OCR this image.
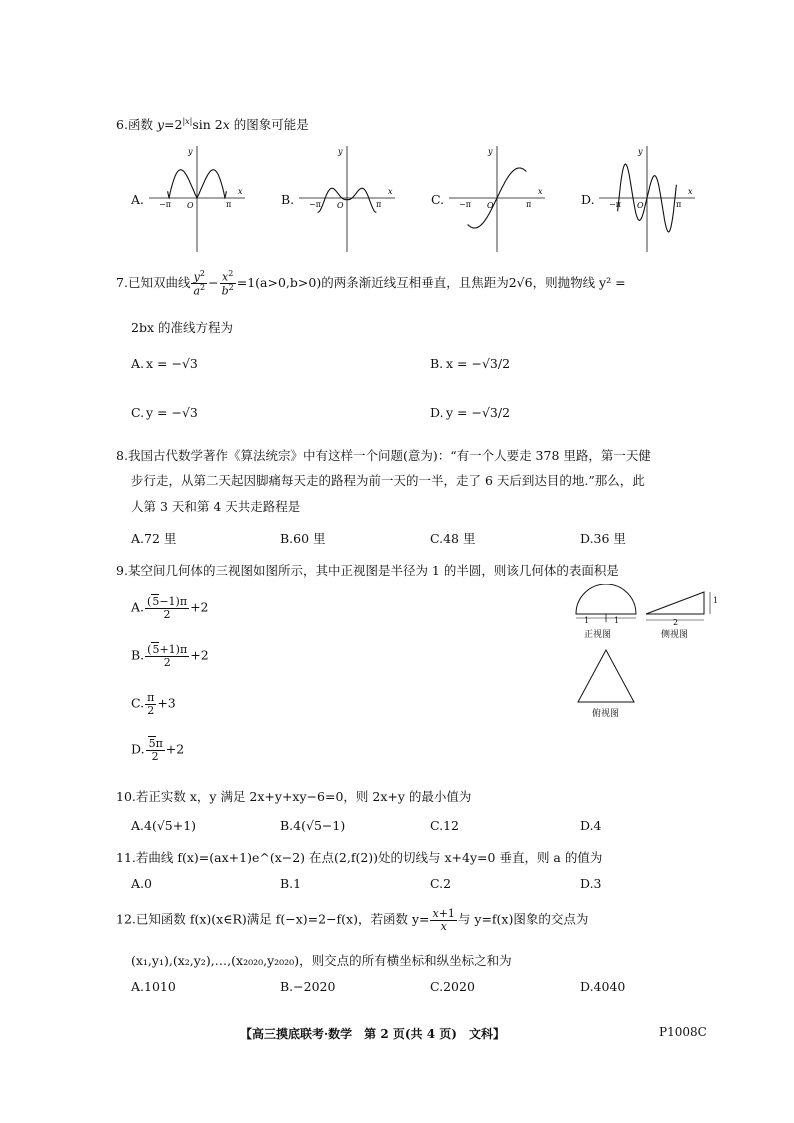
6.函数 $y=2^{|x|}\sin$ 2x 的图象可能是
A.	B.	C.	D.
y
x
O
−π	π
y
x
O
−π	π
y
x
O
−π	π
y
x
O
−π	π
7.已知双曲线 $\frac{y^2}{a^2} - \frac{x^2}{b^2} =1(a>0,b>0)$的两条渐近线互相垂直，且焦距为2√6，则抛物线 y² =
2bx 的准线方程为
A. x = −√3	B. x = −√3/2
C. y = −√3	D. y = −√3/2
8.我国古代数学著作《算法统宗》中有这样一个问题(意为)：“有一个人要走 378 里路，第一天健
步行走，从第二天起因脚痛每天走的路程为前一天的一半，走了 6 天后到达目的地.”那么，此
人第 3 天和第 4 天共走路程是
A.72 里	B.60 里	C.48 里	D.36 里
9.某空间几何体的三视图如图所示，其中正视图是半径为 1 的半圆，则该几何体的表面积是
A. $\frac{(5-1)\pi}{2} +2$
B. $\frac{(5+1)\pi}{2} +2$
C. $\frac{\pi}{2} +3$
D. $\frac{5\pi}{2} +2$
1	1	2
1
正视图	侧视图
俯视图
10.若正实数 x，y 满足 2x+y+xy−6=0，则 2x+y 的最小值为
A.4(√5+1)	B.4(√5−1)	C.12	D.4
11.若曲线 f(x)=(ax+1)e^(x−2) 在点(2,f(2))处的切线与 x+4y=0 垂直，则 a 的值为
A.0	B.1	C.2	D.3
12.已知函数 f(x)(x∈R)满足 f(−x)=2−f(x)，若函数 $y= \frac{x+1}{x}$ 与 y=f(x)图象的交点为
(x₁,y₁),(x₂,y₂),…,(x₂₀₂₀,y₂₀₂₀)，则交点的所有横坐标和纵坐标之和为
A.1010	B.−2020	C.2020	D.4040
【高三摸底联考·数学　第 2 页(共 4 页)　文科】	P1008C
